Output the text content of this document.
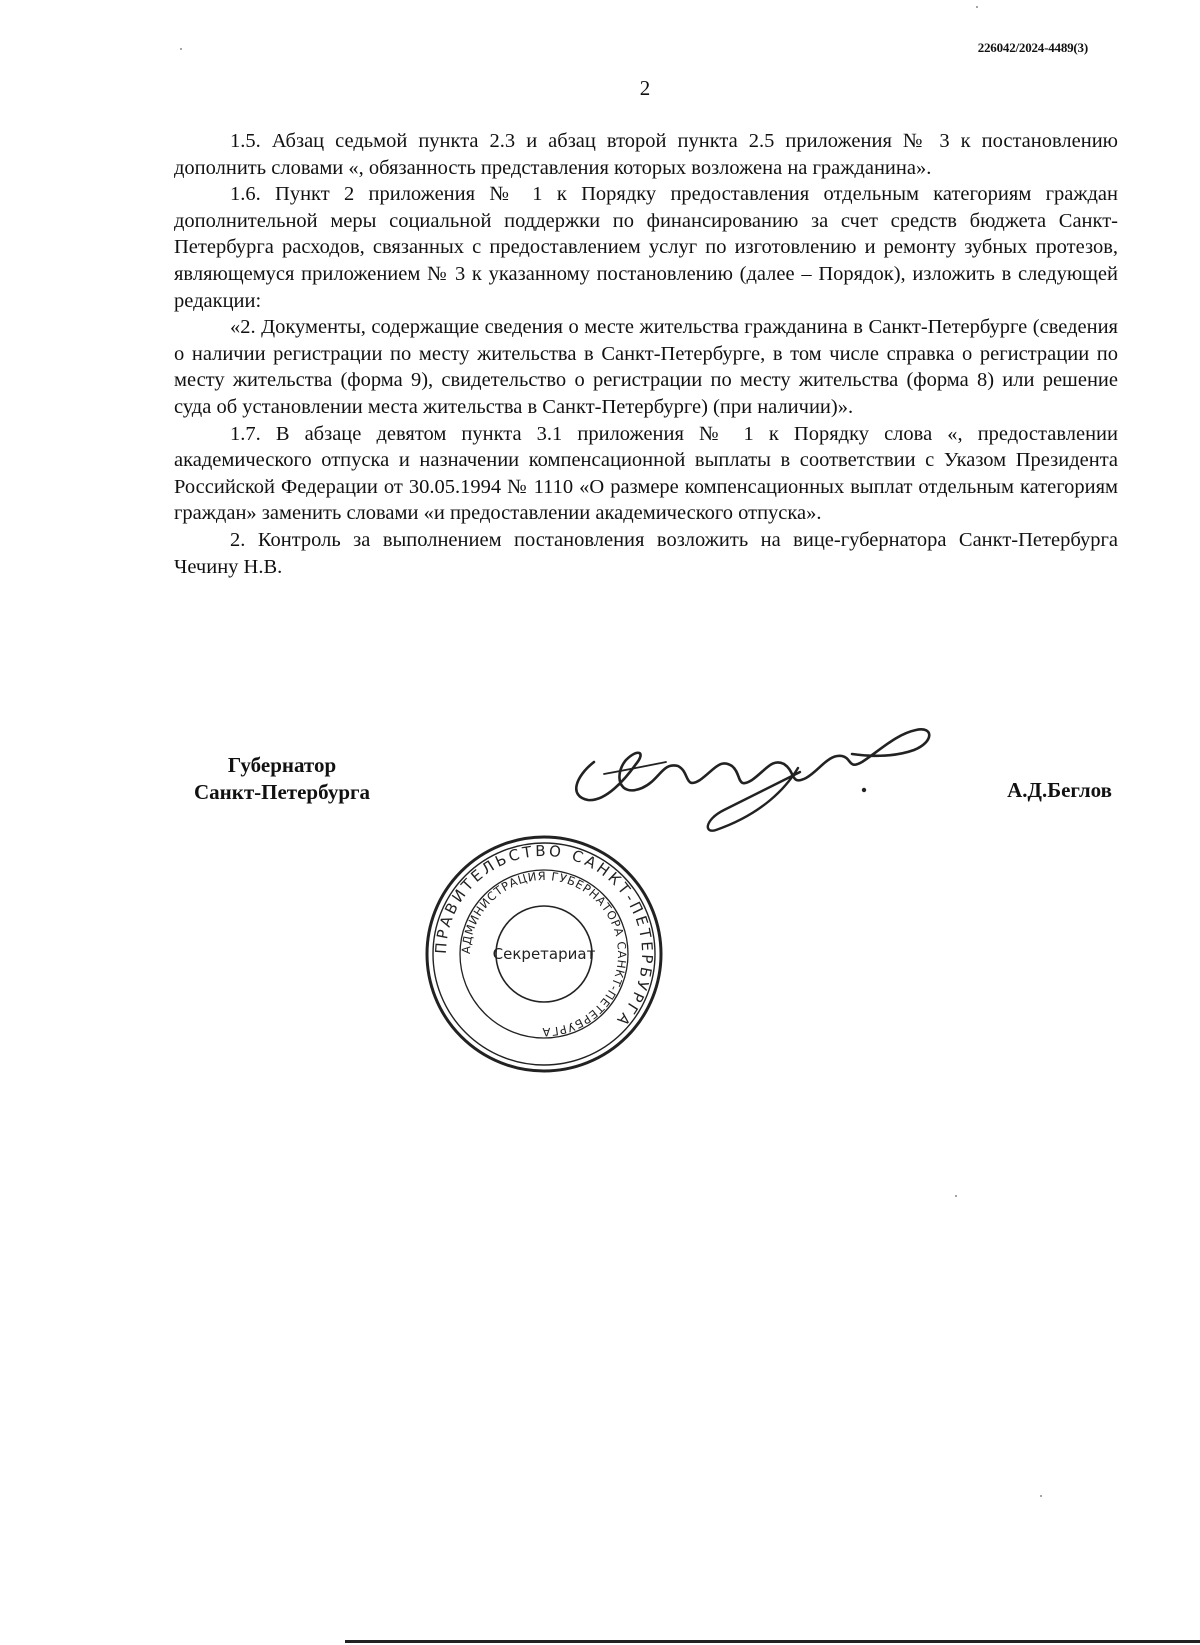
226042/2024-4489(3)
2

1.5. Абзац седьмой пункта 2.3 и абзац второй пункта 2.5 приложения № 3 к постановлению дополнить словами «, обязанность представления которых возложена на гражданина».

1.6. Пункт 2 приложения № 1 к Порядку предоставления отдельным категориям граждан дополнительной меры социальной поддержки по финансированию за счет средств бюджета Санкт-Петербурга расходов, связанных с предоставлением услуг по изготовлению и ремонту зубных протезов, являющемуся приложением № 3 к указанному постановлению (далее – Порядок), изложить в следующей редакции:

«2. Документы, содержащие сведения о месте жительства гражданина в Санкт-Петербурге (сведения о наличии регистрации по месту жительства в Санкт-Петербурге, в том числе справка о регистрации по месту жительства (форма 9), свидетельство о регистрации по месту жительства (форма 8) или решение суда об установлении места жительства в Санкт-Петербурге) (при наличии)».

1.7. В абзаце девятом пункта 3.1 приложения № 1 к Порядку слова «, предоставлении академического отпуска и назначении компенсационной выплаты в соответствии с Указом Президента Российской Федерации от 30.05.1994 № 1110 «О размере компенсационных выплат отдельным категориям граждан» заменить словами «и предоставлении академического отпуска».

2. Контроль за выполнением постановления возложить на вице-губернатора Санкт-Петербурга Чечину Н.В.

Губернатор
Санкт-Петербурга	А.Д.Беглов
ПРАВИТЕЛЬСТВО САНКТ-ПЕТЕРБУРГА
АДМИНИСТРАЦИЯ ГУБЕРНАТОРА САНКТ-ПЕТЕРБУРГА
Секретариат
